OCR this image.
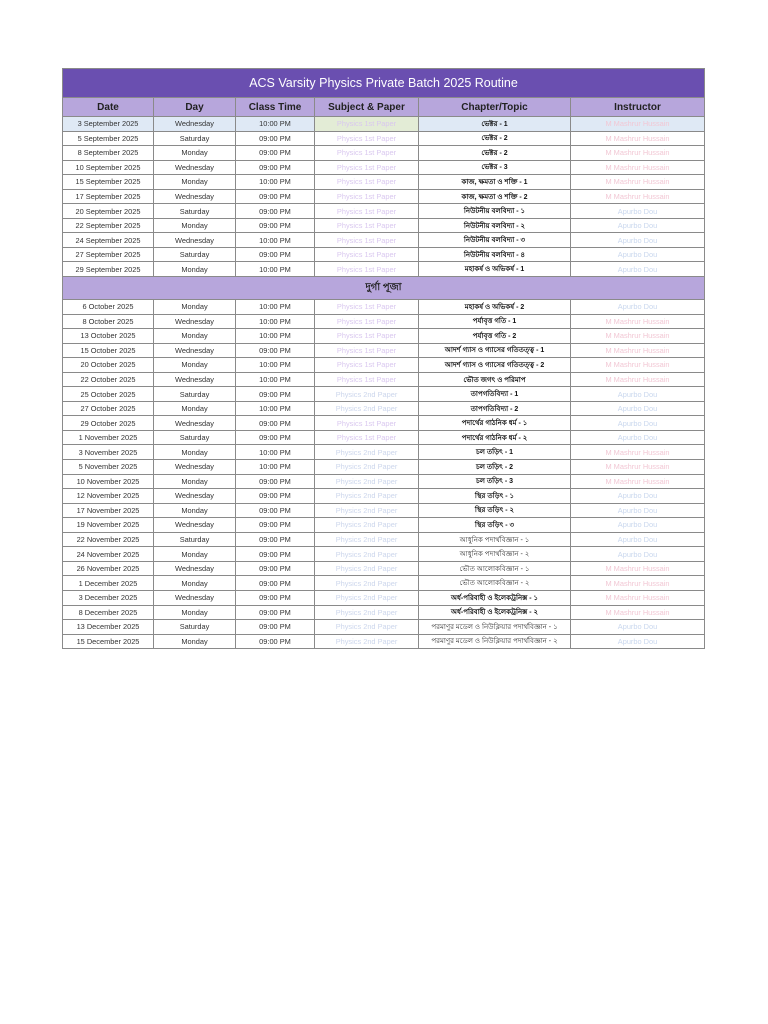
ACS Varsity Physics Private Batch 2025 Routine					
Date	Day	Class Time	Subject & Paper	Chapter/Topic	Instructor
3 September 2025	Wednesday	10:00 PM	Physics 1st Paper	ভেক্টর - 1	M Mashrur Hussain
5 September 2025	Saturday	09:00 PM	Physics 1st Paper	ভেক্টর - 2	M Mashrur Hussain
8 September 2025	Monday	09:00 PM	Physics 1st Paper	ভেক্টর - 2	M Mashrur Hussain
10 September 2025	Wednesday	09:00 PM	Physics 1st Paper	ভেক্টর - 3	M Mashrur Hussain
15 September 2025	Monday	10:00 PM	Physics 1st Paper	কাজ, ক্ষমতা ও শক্তি - 1	M Mashrur Hussain
17 September 2025	Wednesday	09:00 PM	Physics 1st Paper	কাজ, ক্ষমতা ও শক্তি - 2	M Mashrur Hussain
20 September 2025	Saturday	09:00 PM	Physics 1st Paper	নিউটনীয় বলবিদ্যা - ১	Apurbo Dou
22 September 2025	Monday	09:00 PM	Physics 1st Paper	নিউটনীয় বলবিদ্যা - ২	Apurbo Dou
24 September 2025	Wednesday	10:00 PM	Physics 1st Paper	নিউটনীয় বলবিদ্যা - ৩	Apurbo Dou
27 September 2025	Saturday	09:00 PM	Physics 1st Paper	নিউটনীয় বলবিদ্যা - ৪	Apurbo Dou
29 September 2025	Monday	10:00 PM	Physics 1st Paper	মহাকর্ষ ও অভিকর্ষ - 1	Apurbo Dou
দুর্গা পূজা					
6 October 2025	Monday	10:00 PM	Physics 1st Paper	মহাকর্ষ ও অভিকর্ষ - 2	Apurbo Dou
8 October 2025	Wednesday	10:00 PM	Physics 1st Paper	পর্যাবৃত্ত গতি - 1	M Mashrur Hussain
13 October 2025	Monday	10:00 PM	Physics 1st Paper	পর্যাবৃত্ত গতি - 2	M Mashrur Hussain
15 October 2025	Wednesday	09:00 PM	Physics 1st Paper	আদর্শ গ্যাস ও গ্যাসের গতিতত্ত্ব - 1	M Mashrur Hussain
20 October 2025	Monday	10:00 PM	Physics 1st Paper	আদর্শ গ্যাস ও গ্যাসের গতিতত্ত্ব - 2	M Mashrur Hussain
22 October 2025	Wednesday	10:00 PM	Physics 1st Paper	ভৌত জগৎ ও পরিমাপ	M Mashrur Hussain
25 October 2025	Saturday	09:00 PM	Physics 2nd Paper	তাপগতিবিদ্যা - 1	Apurbo Dou
27 October 2025	Monday	10:00 PM	Physics 2nd Paper	তাপগতিবিদ্যা - 2	Apurbo Dou
29 October 2025	Wednesday	09:00 PM	Physics 1st Paper	পদার্থের গাঠনিক ধর্ম - ১	Apurbo Dou
1 November 2025	Saturday	09:00 PM	Physics 1st Paper	পদার্থের গাঠনিক ধর্ম - ২	Apurbo Dou
3 November 2025	Monday	10:00 PM	Physics 2nd Paper	চল তড়িৎ - 1	M Mashrur Hussain
5 November 2025	Wednesday	10:00 PM	Physics 2nd Paper	চল তড়িৎ - 2	M Mashrur Hussain
10 November 2025	Monday	09:00 PM	Physics 2nd Paper	চল তড়িৎ - 3	M Mashrur Hussain
12 November 2025	Wednesday	09:00 PM	Physics 2nd Paper	স্থির তড়িৎ - ১	Apurbo Dou
17 November 2025	Monday	09:00 PM	Physics 2nd Paper	স্থির তড়িৎ - ২	Apurbo Dou
19 November 2025	Wednesday	09:00 PM	Physics 2nd Paper	স্থির তড়িৎ - ৩	Apurbo Dou
22 November 2025	Saturday	09:00 PM	Physics 2nd Paper	আধুনিক পদার্থবিজ্ঞান - ১	Apurbo Dou
24 November 2025	Monday	09:00 PM	Physics 2nd Paper	আধুনিক পদার্থবিজ্ঞান - ২	Apurbo Dou
26 November 2025	Wednesday	09:00 PM	Physics 2nd Paper	ভৌত আলোকবিজ্ঞান - ১	M Mashrur Hussain
1 December 2025	Monday	09:00 PM	Physics 2nd Paper	ভৌত আলোকবিজ্ঞান - ২	M Mashrur Hussain
3 December 2025	Wednesday	09:00 PM	Physics 2nd Paper	অর্ধ-পরিবাহী ও ইলেকট্রনিক্স - ১	M Mashrur Hussain
8 December 2025	Monday	09:00 PM	Physics 2nd Paper	অর্ধ-পরিবাহী ও ইলেকট্রনিক্স - ২	M Mashrur Hussain
13 December 2025	Saturday	09:00 PM	Physics 2nd Paper	পরমাণুর মডেল ও নিউক্লিয়ার পদার্থবিজ্ঞান - ১	Apurbo Dou
15 December 2025	Monday	09:00 PM	Physics 2nd Paper	পরমাণুর মডেল ও নিউক্লিয়ার পদার্থবিজ্ঞান - ২	Apurbo Dou
